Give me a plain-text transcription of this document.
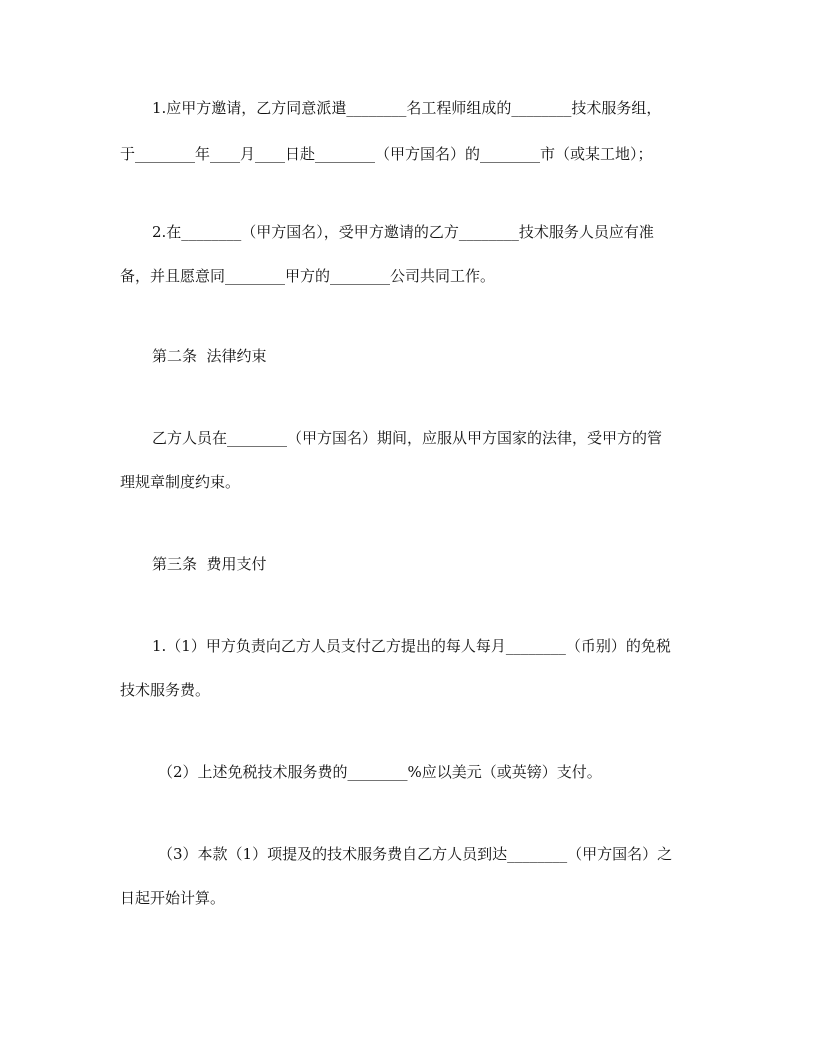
1.应甲方邀请，乙方同意派遣________名工程师组成的________技术服务组，
于________年____月____日赴________（甲方国名）的________市（或某工地）；
2.在________（甲方国名），受甲方邀请的乙方________技术服务人员应有准
备，并且愿意同________甲方的________公司共同工作。
第二条  法律约束
乙方人员在________（甲方国名）期间，应服从甲方国家的法律，受甲方的管
理规章制度约束。
第三条  费用支付
1.（1）甲方负责向乙方人员支付乙方提出的每人每月________（币别）的免税
技术服务费。
（2）上述免税技术服务费的________%应以美元（或英镑）支付。
（3）本款（1）项提及的技术服务费自乙方人员到达________（甲方国名）之
日起开始计算。
